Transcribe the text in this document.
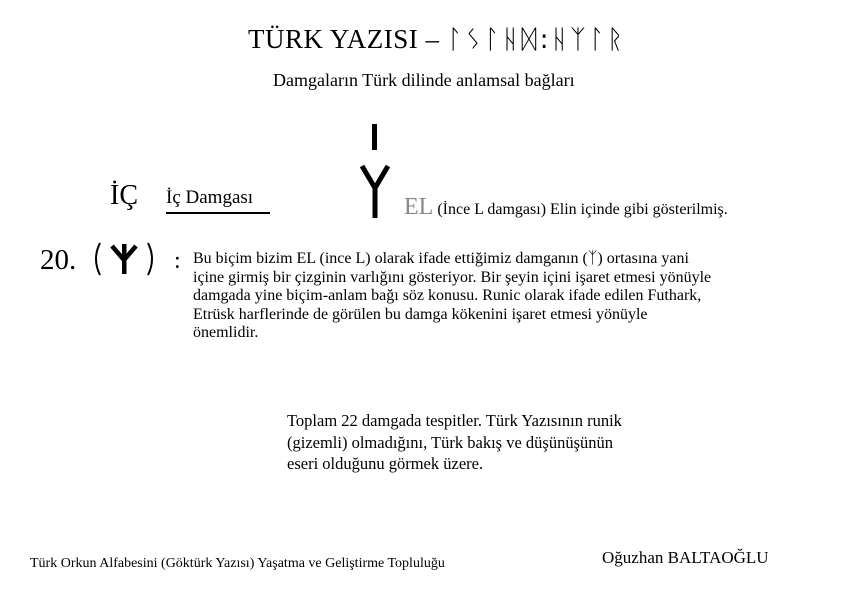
TÜRK YAZISI – ᛚᛊᛚᚺᛞ:ᚺᛉᛚᚱ
Damgaların Türk dilinde anlamsal bağları
İÇ İç Damgası	EL (İnce L damgası) Elin içinde gibi gösterilmiş.
20.	: Bu biçim bizim EL (ince L) olarak ifade ettiğimiz damganın (ᛉ) ortasına yani
içine girmiş bir çizginin varlığını gösteriyor. Bir şeyin içini işaret etmesi yönüyle
damgada yine biçim-anlam bağı söz konusu. Runic olarak ifade edilen Futhark,
Etrüsk harflerinde de görülen bu damga kökenini işaret etmesi yönüyle
önemlidir.
Toplam 22 damgada tespitler. Türk Yazısının runik
(gizemli) olmadığını, Türk bakış ve düşünüşünün
eseri olduğunu görmek üzere.
Türk Orkun Alfabesini (Göktürk Yazısı) Yaşatma ve Geliştirme Topluluğu	Oğuzhan BALTAOĞLU
